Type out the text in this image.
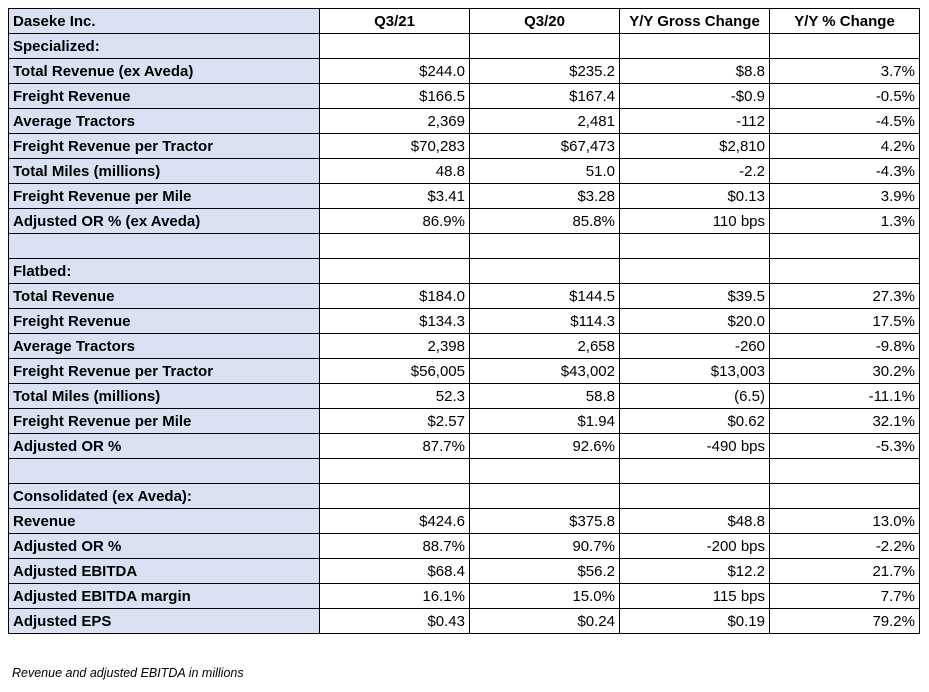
Daseke Inc.	Q3/21	Q3/20	Y/Y Gross Change	Y/Y % Change
Specialized:				
Total Revenue (ex Aveda)	$244.0	$235.2	$8.8	3.7%
Freight Revenue	$166.5	$167.4	-$0.9	-0.5%
Average Tractors	2,369	2,481	-112	-4.5%
Freight Revenue per Tractor	$70,283	$67,473	$2,810	4.2%
Total Miles (millions)	48.8	51.0	-2.2	-4.3%
Freight Revenue per Mile	$3.41	$3.28	$0.13	3.9%
Adjusted OR % (ex Aveda)	86.9%	85.8%	110 bps	1.3%

Flatbed:				
Total Revenue	$184.0	$144.5	$39.5	27.3%
Freight Revenue	$134.3	$114.3	$20.0	17.5%
Average Tractors	2,398	2,658	-260	-9.8%
Freight Revenue per Tractor	$56,005	$43,002	$13,003	30.2%
Total Miles (millions)	52.3	58.8	(6.5)	-11.1%
Freight Revenue per Mile	$2.57	$1.94	$0.62	32.1%
Adjusted OR %	87.7%	92.6%	-490 bps	-5.3%

Consolidated (ex Aveda):				
Revenue	$424.6	$375.8	$48.8	13.0%
Adjusted OR %	88.7%	90.7%	-200 bps	-2.2%
Adjusted EBITDA	$68.4	$56.2	$12.2	21.7%
Adjusted EBITDA margin	16.1%	15.0%	115 bps	7.7%
Adjusted EPS	$0.43	$0.24	$0.19	79.2%
Revenue and adjusted EBITDA in millions
